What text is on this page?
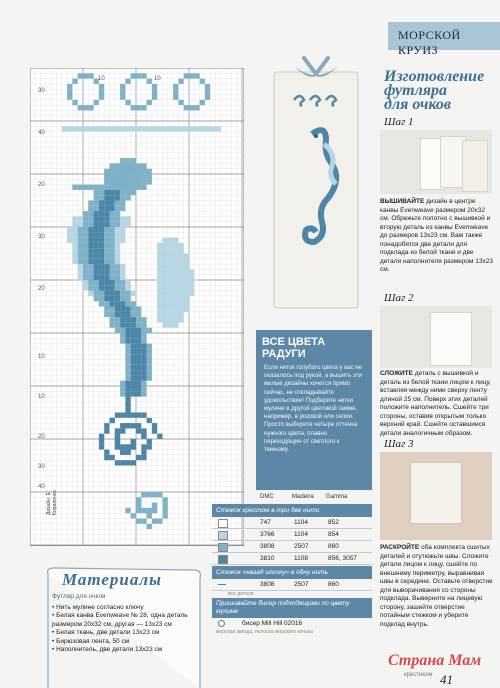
МОРСКОЙ КРУИЗ
10	10
30
40
20
30
20
10
10
20
30
40
Дизайн: Е. Кириленко
Изготовление
футляра
для очков
Шаг 1
ВЫШИВАЙТЕ дизайн в центре канвы Evenweave размером 20x32 см. Обрежьте полотно с вышивкой и вторую деталь из канвы Evenweave до размеров 13x23 см. Вам также понадобятся две детали для подклада из белой ткани и две детали наполнителя размером 13x23 см.
Шаг 2
СЛОЖИТЕ деталь с вышивкой и деталь из белой ткани лицом к лицу, вставляя между ними сверху ленту длиной 25 см. Поверх этих деталей положите наполнитель. Сшейте три стороны, оставив открытым только верхний край. Сшейте оставшиеся детали аналогичным образом.
Шаг 3
РАСКРОЙТЕ оба комплекта сшитых деталей и отутюжьте швы. Сложите детали лицом к лицу, сшейте по внешнему периметру, выравнивая швы в середине. Оставьте отверстие для выворачивания со стороны подклада. Выверните на лицевую сторону, зашейте отверстие потайным стежком и уберите подклад внутрь.
ВСЕ ЦВЕТА РАДУГИ
Если ниток голубого цвета у вас не оказалось под рукой, а вышить эти милые дизайны хочется прямо сейчас, не откладывайте удовольствие! Подберите нитки мулине в другой цветовой гамме, например, в розовой или сепии. Просто выберите четыре оттенка нужного цвета, плавно переходящие от светлого к темному.
DMC	Madeira Gamma
Стежок крестом в три две нити
747	1104	852
3766	1104	854
3808	2507	860
3810	1108	856, 3057
Стежок «назад иголку» в одну нить
3808	2507	860
все детали
Пришивайте бисер подходящими по цвету мулине
бисер Mill Hill 02016
морская звезда, полоска морского конька
Материалы
Футляр для очков
• Нить мулине согласно ключу
• Белая канва Evenweave № 28, одна деталь размером 20x32 см, другая — 13x23 см
• Белая ткань, две детали 13x23 см
• Бирюзовая лента, 50 см
• Наполнитель, две детали 13x23 см
Страна Мам
крестиком 41
